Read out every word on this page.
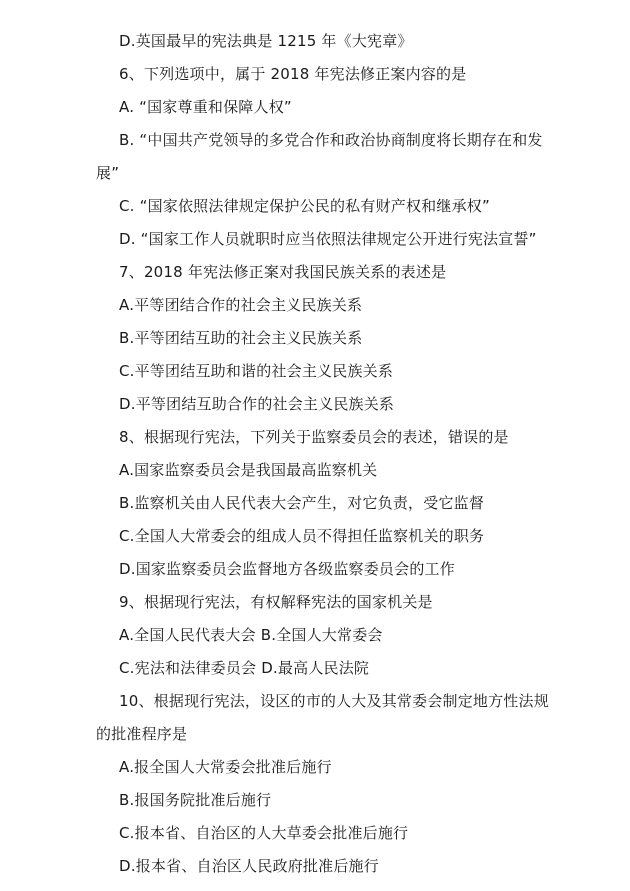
D.英国最早的宪法典是 1215 年《大宪章》
6、下列选项中，属于 2018 年宪法修正案内容的是
A. “国家尊重和保障人权”
B. “中国共产党领导的多党合作和政治协商制度将长期存在和发
展”
C. “国家依照法律规定保护公民的私有财产权和继承权”
D. “国家工作人员就职时应当依照法律规定公开进行宪法宣誓”
7、2018 年宪法修正案对我国民族关系的表述是
A.平等团结合作的社会主义民族关系
B.平等团结互助的社会主义民族关系
C.平等团结互助和谐的社会主义民族关系
D.平等团结互助合作的社会主义民族关系
8、根据现行宪法，下列关于监察委员会的表述，错误的是
A.国家监察委员会是我国最高监察机关
B.监察机关由人民代表大会产生，对它负责，受它监督
C.全国人大常委会的组成人员不得担任监察机关的职务
D.国家监察委员会监督地方各级监察委员会的工作
9、根据现行宪法，有权解释宪法的国家机关是
A.全国人民代表大会 B.全国人大常委会
C.宪法和法律委员会 D.最高人民法院
10、根据现行宪法，设区的市的人大及其常委会制定地方性法规
的批准程序是
A.报全国人大常委会批准后施行
B.报国务院批准后施行
C.报本省、自治区的人大草委会批准后施行
D.报本省、自治区人民政府批准后施行
